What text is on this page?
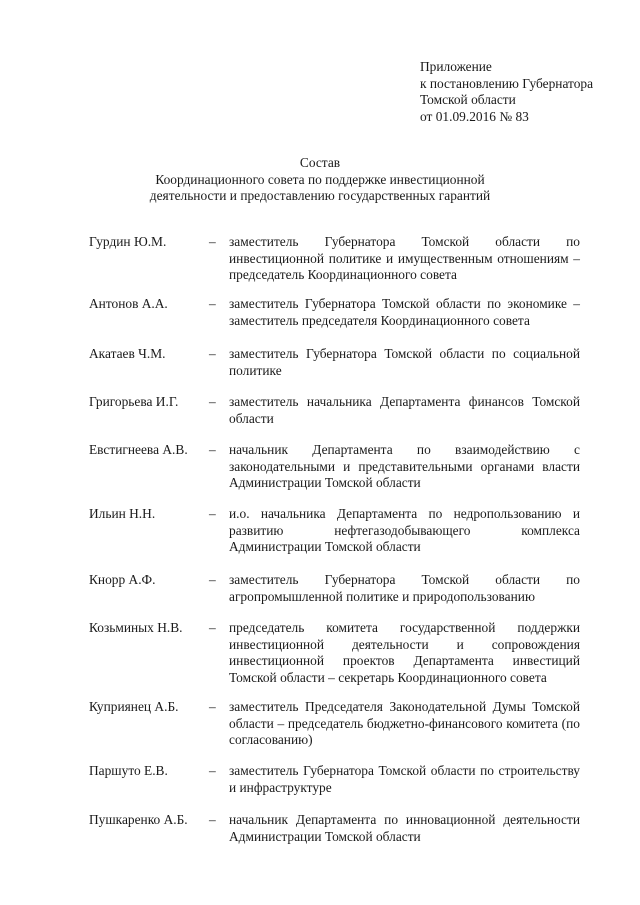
Приложение
к постановлению Губернатора
Томской области
от 01.09.2016 № 83
Состав
Координационного совета по поддержке инвестиционной
деятельности и предоставлению государственных гарантий
Гурдин Ю.М.	– заместитель Губернатора Томской области по инвестиционной политике и имущественным отношениям – председатель Координационного совета
Антонов А.А.	– заместитель Губернатора Томской области по экономике – заместитель председателя Координационного совета
Акатаев Ч.М.	– заместитель Губернатора Томской области по социальной политике
Григорьева И.Г. – заместитель начальника Департамента финансов Томской области
Евстигнеева А.В. – начальник Департамента по взаимодействию с законодательными и представительными органами власти Администрации Томской области
Ильин Н.Н.	– и.о. начальника Департамента по недропользованию и развитию нефтегазодобывающего комплекса Администрации Томской области
Кнорр А.Ф.	– заместитель Губернатора Томской области по агропромышленной политике и природопользованию
Козьминых Н.В. – председатель комитета государственной поддержки инвестиционной деятельности и сопровождения инвестиционной проектов Департамента инвестиций Томской области – секретарь Координационного совета
Куприянец А.Б. – заместитель Председателя Законодательной Думы Томской области – председатель бюджетно-финансового комитета (по согласованию)
Паршуто Е.В.	– заместитель Губернатора Томской области по строительству и инфраструктуре
Пушкаренко А.Б. – начальник Департамента по инновационной деятельности Администрации Томской области
